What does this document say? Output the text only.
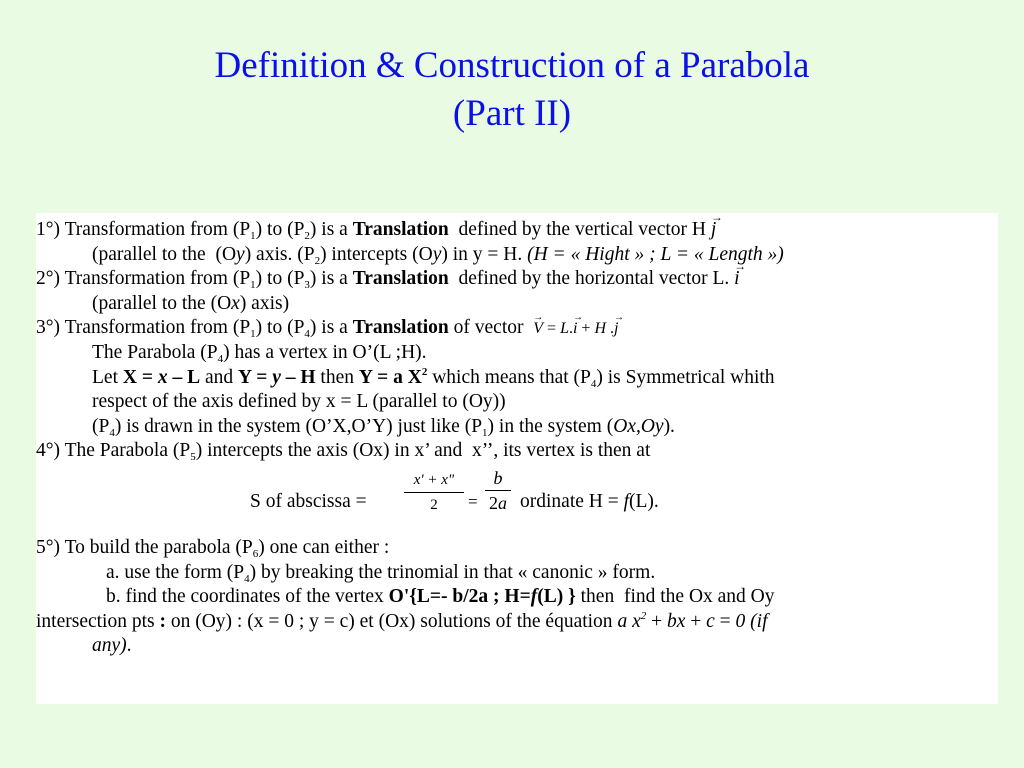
Definition & Construction of a Parabola
(Part II)
1°) Transformation from $(P_1)$ to $(P_2)$ is a Translation  defined by the vertical vector H j →
(parallel to the  (Oy) axis. $(P_2)$ intercepts (Oy) in y = H. (H = « Hight » ; L = « Length »)
2°) Transformation from $(P_1)$ to $(P_3)$ is a Translation  defined by the horizontal vector L. i →
(parallel to the (Ox) axis)
3°) Transformation from $(P_1)$ to $(P_4)$ is a Translation of vector  V → = L.i → + H .j →
The Parabola $(P_4)$ has a vertex in O’(L ;H).
Let X = x – L and Y = y – H then Y = a $X^2$ which means that $(P_4)$ is Symmetrical whith
respect of the axis defined by x = L (parallel to (Oy))
$(P_4)$ is drawn in the system (O’X,O’Y) just like $(P_1)$ in the system (Ox,Oy).
4°) The Parabola $(P_5)$ intercepts the axis (Ox) in x’ and  x’’, its vertex is then at
S of abscissa =
x' + x"
2	=
b
2a ordinate H = f(L).
5°) To build the parabola $(P_6)$ one can either :
a. use the form $(P_4)$ by breaking the trinomial in that « canonic » form.
b. find the coordinates of the vertex O'{L=- b/2a ; H=f(L) } then  find the Ox and Oy
intersection pts : on (Oy) : (x = 0 ; y = c) et (Ox) solutions of the équation a $x^2$ + bx + c = 0 (if
any).
